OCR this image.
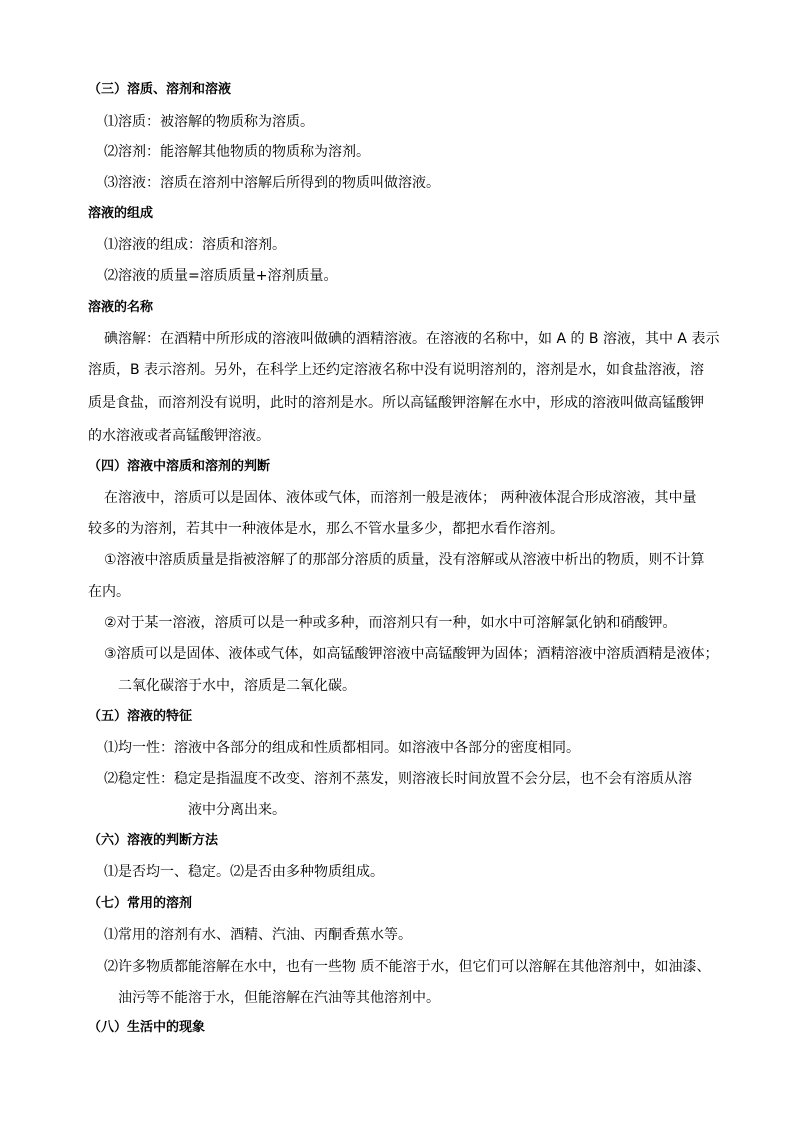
（三）溶质、溶剂和溶液
⑴溶质：被溶解的物质称为溶质。
⑵溶剂：能溶解其他物质的物质称为溶剂。
⑶溶液：溶质在溶剂中溶解后所得到的物质叫做溶液。
溶液的组成
⑴溶液的组成：溶质和溶剂。
⑵溶液的质量=溶质质量+溶剂质量。
溶液的名称
碘溶解：在酒精中所形成的溶液叫做碘的酒精溶液。在溶液的名称中，如 A 的 B 溶液，其中 A 表示
溶质，B 表示溶剂。另外，在科学上还约定溶液名称中没有说明溶剂的，溶剂是水，如食盐溶液，溶
质是食盐，而溶剂没有说明，此时的溶剂是水。所以高锰酸钾溶解在水中，形成的溶液叫做高锰酸钾
的水溶液或者高锰酸钾溶液。
（四）溶液中溶质和溶剂的判断
在溶液中，溶质可以是固体、液体或气体，而溶剂一般是液体； 两种液体混合形成溶液，其中量
较多的为溶剂，若其中一种液体是水，那么不管水量多少，都把水看作溶剂。
①溶液中溶质质量是指被溶解了的那部分溶质的质量，没有溶解或从溶液中析出的物质，则不计算
在内。
②对于某一溶液，溶质可以是一种或多种，而溶剂只有一种，如水中可溶解氯化钠和硝酸钾。
③溶质可以是固体、液体或气体，如高锰酸钾溶液中高锰酸钾为固体；酒精溶液中溶质酒精是液体；
二氧化碳溶于水中，溶质是二氧化碳。
（五）溶液的特征
⑴均一性：溶液中各部分的组成和性质都相同。如溶液中各部分的密度相同。
⑵稳定性：稳定是指温度不改变、溶剂不蒸发，则溶液长时间放置不会分层，也不会有溶质从溶
液中分离出来。
（六）溶液的判断方法
⑴是否均一、稳定。⑵是否由多种物质组成。
（七）常用的溶剂
⑴常用的溶剂有水、酒精、汽油、丙酮香蕉水等。
⑵许多物质都能溶解在水中，也有一些物 质不能溶于水，但它们可以溶解在其他溶剂中，如油漆、
油污等不能溶于水，但能溶解在汽油等其他溶剂中。
（八）生活中的现象
